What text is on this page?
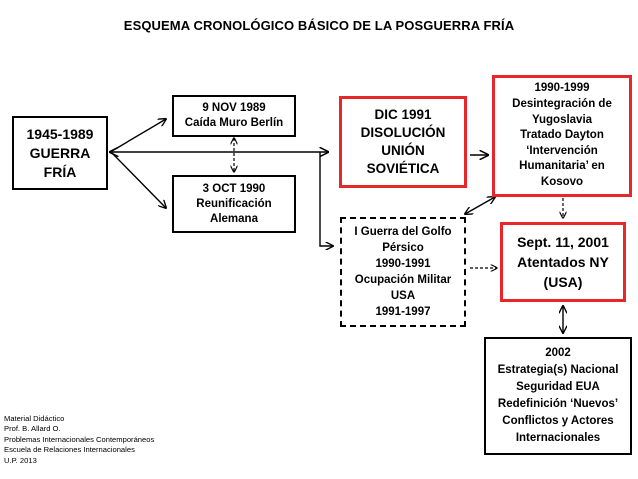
ESQUEMA CRONOLÓGICO BÁSICO DE LA POSGUERRA FRÍA
1945-1989
GUERRA
FRÍA
9 NOV 1989
Caída Muro Berlín
3 OCT 1990
Reunificación
Alemana
DIC 1991
DISOLUCIÓN
UNIÓN
SOVIÉTICA
1990-1999
Desintegración de
Yugoslavia
Tratado Dayton
‘Intervención
Humanitaria’ en
Kosovo
I Guerra del Golfo
Pérsico
1990-1991
Ocupación Militar
USA
1991-1997
Sept. 11, 2001
Atentados NY
(USA)
2002
Estrategia(s) Nacional
Seguridad EUA
Redefinición ‘Nuevos’
Conflictos y Actores
Internacionales
Material Didáctico
Prof. B. Allard O.
Problemas Internacionales Contemporáneos
Escuela de Relaciones Internacionales
U.P. 2013
